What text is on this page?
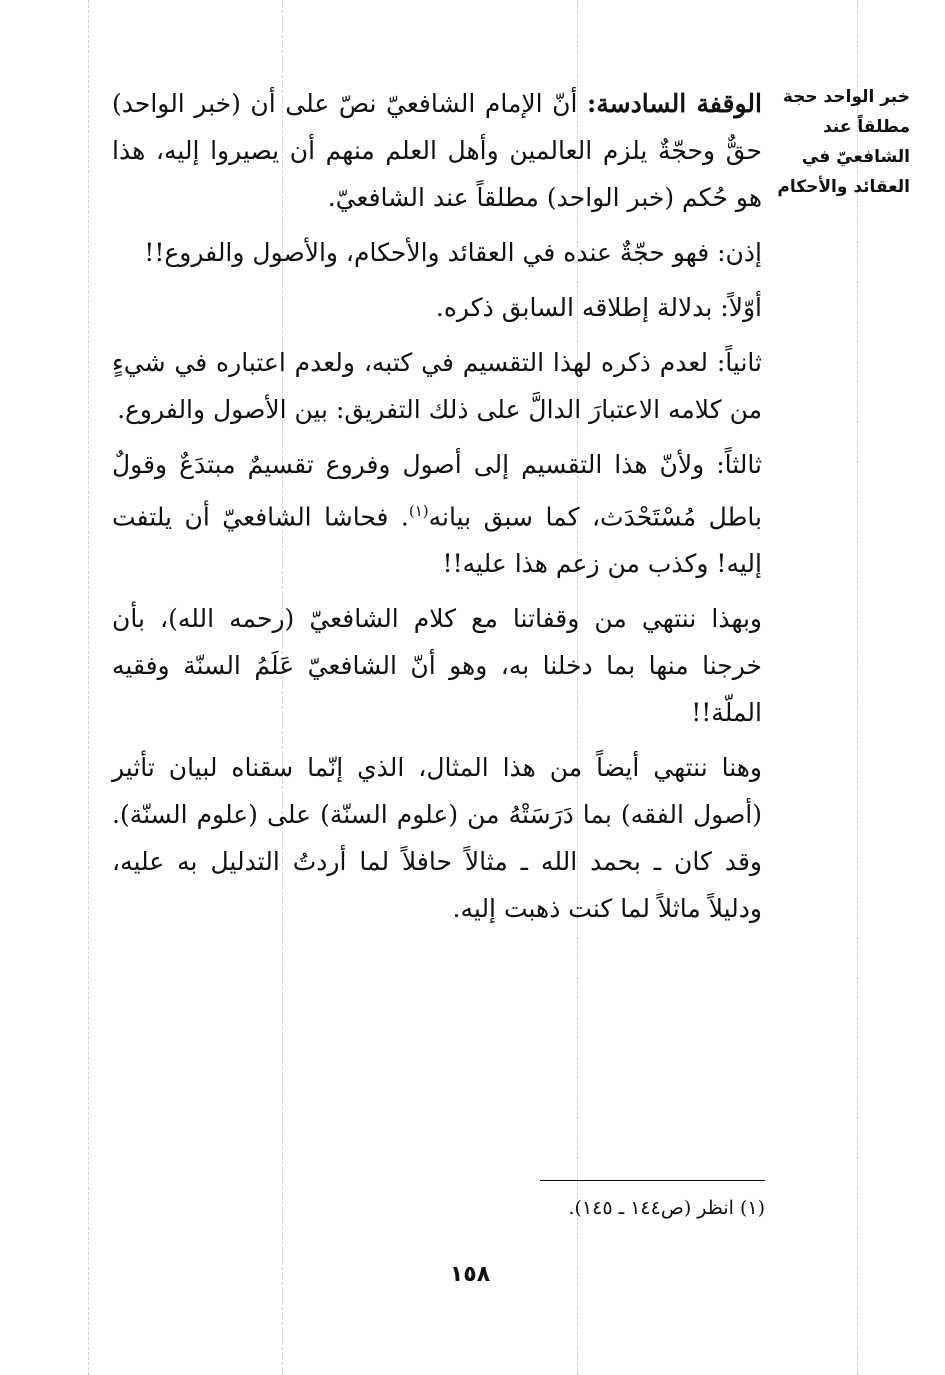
خبر الواحد حجة مطلقاً عند الشافعيّ في العقائد والأحكام

الوقفة السادسة: أنّ الإمام الشافعيّ نصّ على أن (خبر الواحد) حقٌّ وحجّةٌ يلزم العالمين وأهل العلم منهم أن يصيروا إليه، هذا هو حُكم (خبر الواحد) مطلقاً عند الشافعيّ.

إذن: فهو حجّةٌ عنده في العقائد والأحكام، والأصول والفروع!!

أوّلاً: بدلالة إطلاقه السابق ذكره.

ثانياً: لعدم ذكره لهذا التقسيم في كتبه، ولعدم اعتباره في شيءٍ من كلامه الاعتبارَ الدالَّ على ذلك التفريق: بين الأصول والفروع.

ثالثاً: ولأنّ هذا التقسيم إلى أصول وفروع تقسيمٌ مبتدَعٌ وقولٌ باطل مُسْتَحْدَث، كما سبق بيانه$^{(١)}$. فحاشا الشافعيّ أن يلتفت إليه! وكذب من زعم هذا عليه!!

وبهذا ننتهي من وقفاتنا مع كلام الشافعيّ (رحمه الله)، بأن خرجنا منها بما دخلنا به، وهو أنّ الشافعيّ عَلَمُ السنّة وفقيه الملّة!!

وهنا ننتهي أيضاً من هذا المثال، الذي إنّما سقناه لبيان تأثير (أصول الفقه) بما دَرَسَتْهُ من (علوم السنّة) على (علوم السنّة). وقد كان ـ بحمد الله ـ مثالاً حافلاً لما أردتُ التدليل به عليه، ودليلاً ماثلاً لما كنت ذهبت إليه.

(١) انظر (ص١٤٤ ـ ١٤٥).
١٥٨
